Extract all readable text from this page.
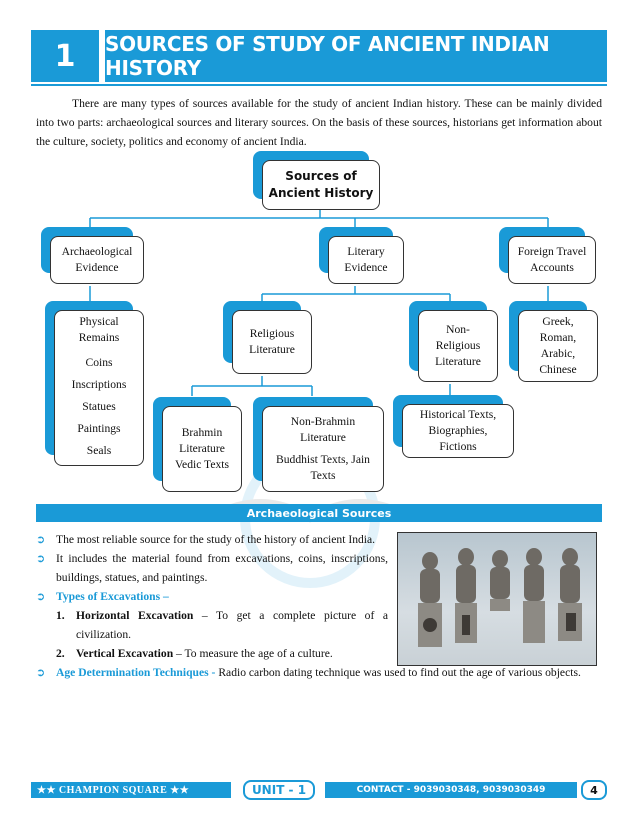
1	SOURCES OF STUDY OF ANCIENT INDIAN HISTORY

There are many types of sources available for the study of ancient Indian history. These can be mainly divided into two parts: archaeological sources and literary sources. On the basis of these sources, historians get information about the culture, society, politics and economy of ancient India.

Sources of
Ancient History
Archaeological
Evidence
Literary
Evidence
Foreign Travel
Accounts
Physical
Remains
Coins
Inscriptions
Statues
Paintings
Seals
Religious
Literature
Non-
Religious
Literature
Greek,
Roman,
Arabic,
Chinese
Brahmin
Literature
Vedic Texts
Non-Brahmin
Literature
Buddhist Texts, Jain
Texts
Historical Texts,
Biographies,
Fictions
Archaeological Sources
➲ The most reliable source for the study of the history of ancient India.
➲ It includes the material found from excavations, coins, inscriptions, buildings, statues, and paintings.
➲ Types of Excavations –
1. Horizontal Excavation – To get a complete picture of a civilization.
2. Vertical Excavation – To measure the age of a culture.
➲ Age Determination Techniques - Radio carbon dating technique was used to find out the age of various objects.
★★ CHAMPION SQUARE ★★	UNIT - 1	CONTACT - 9039030348, 9039030349	4
